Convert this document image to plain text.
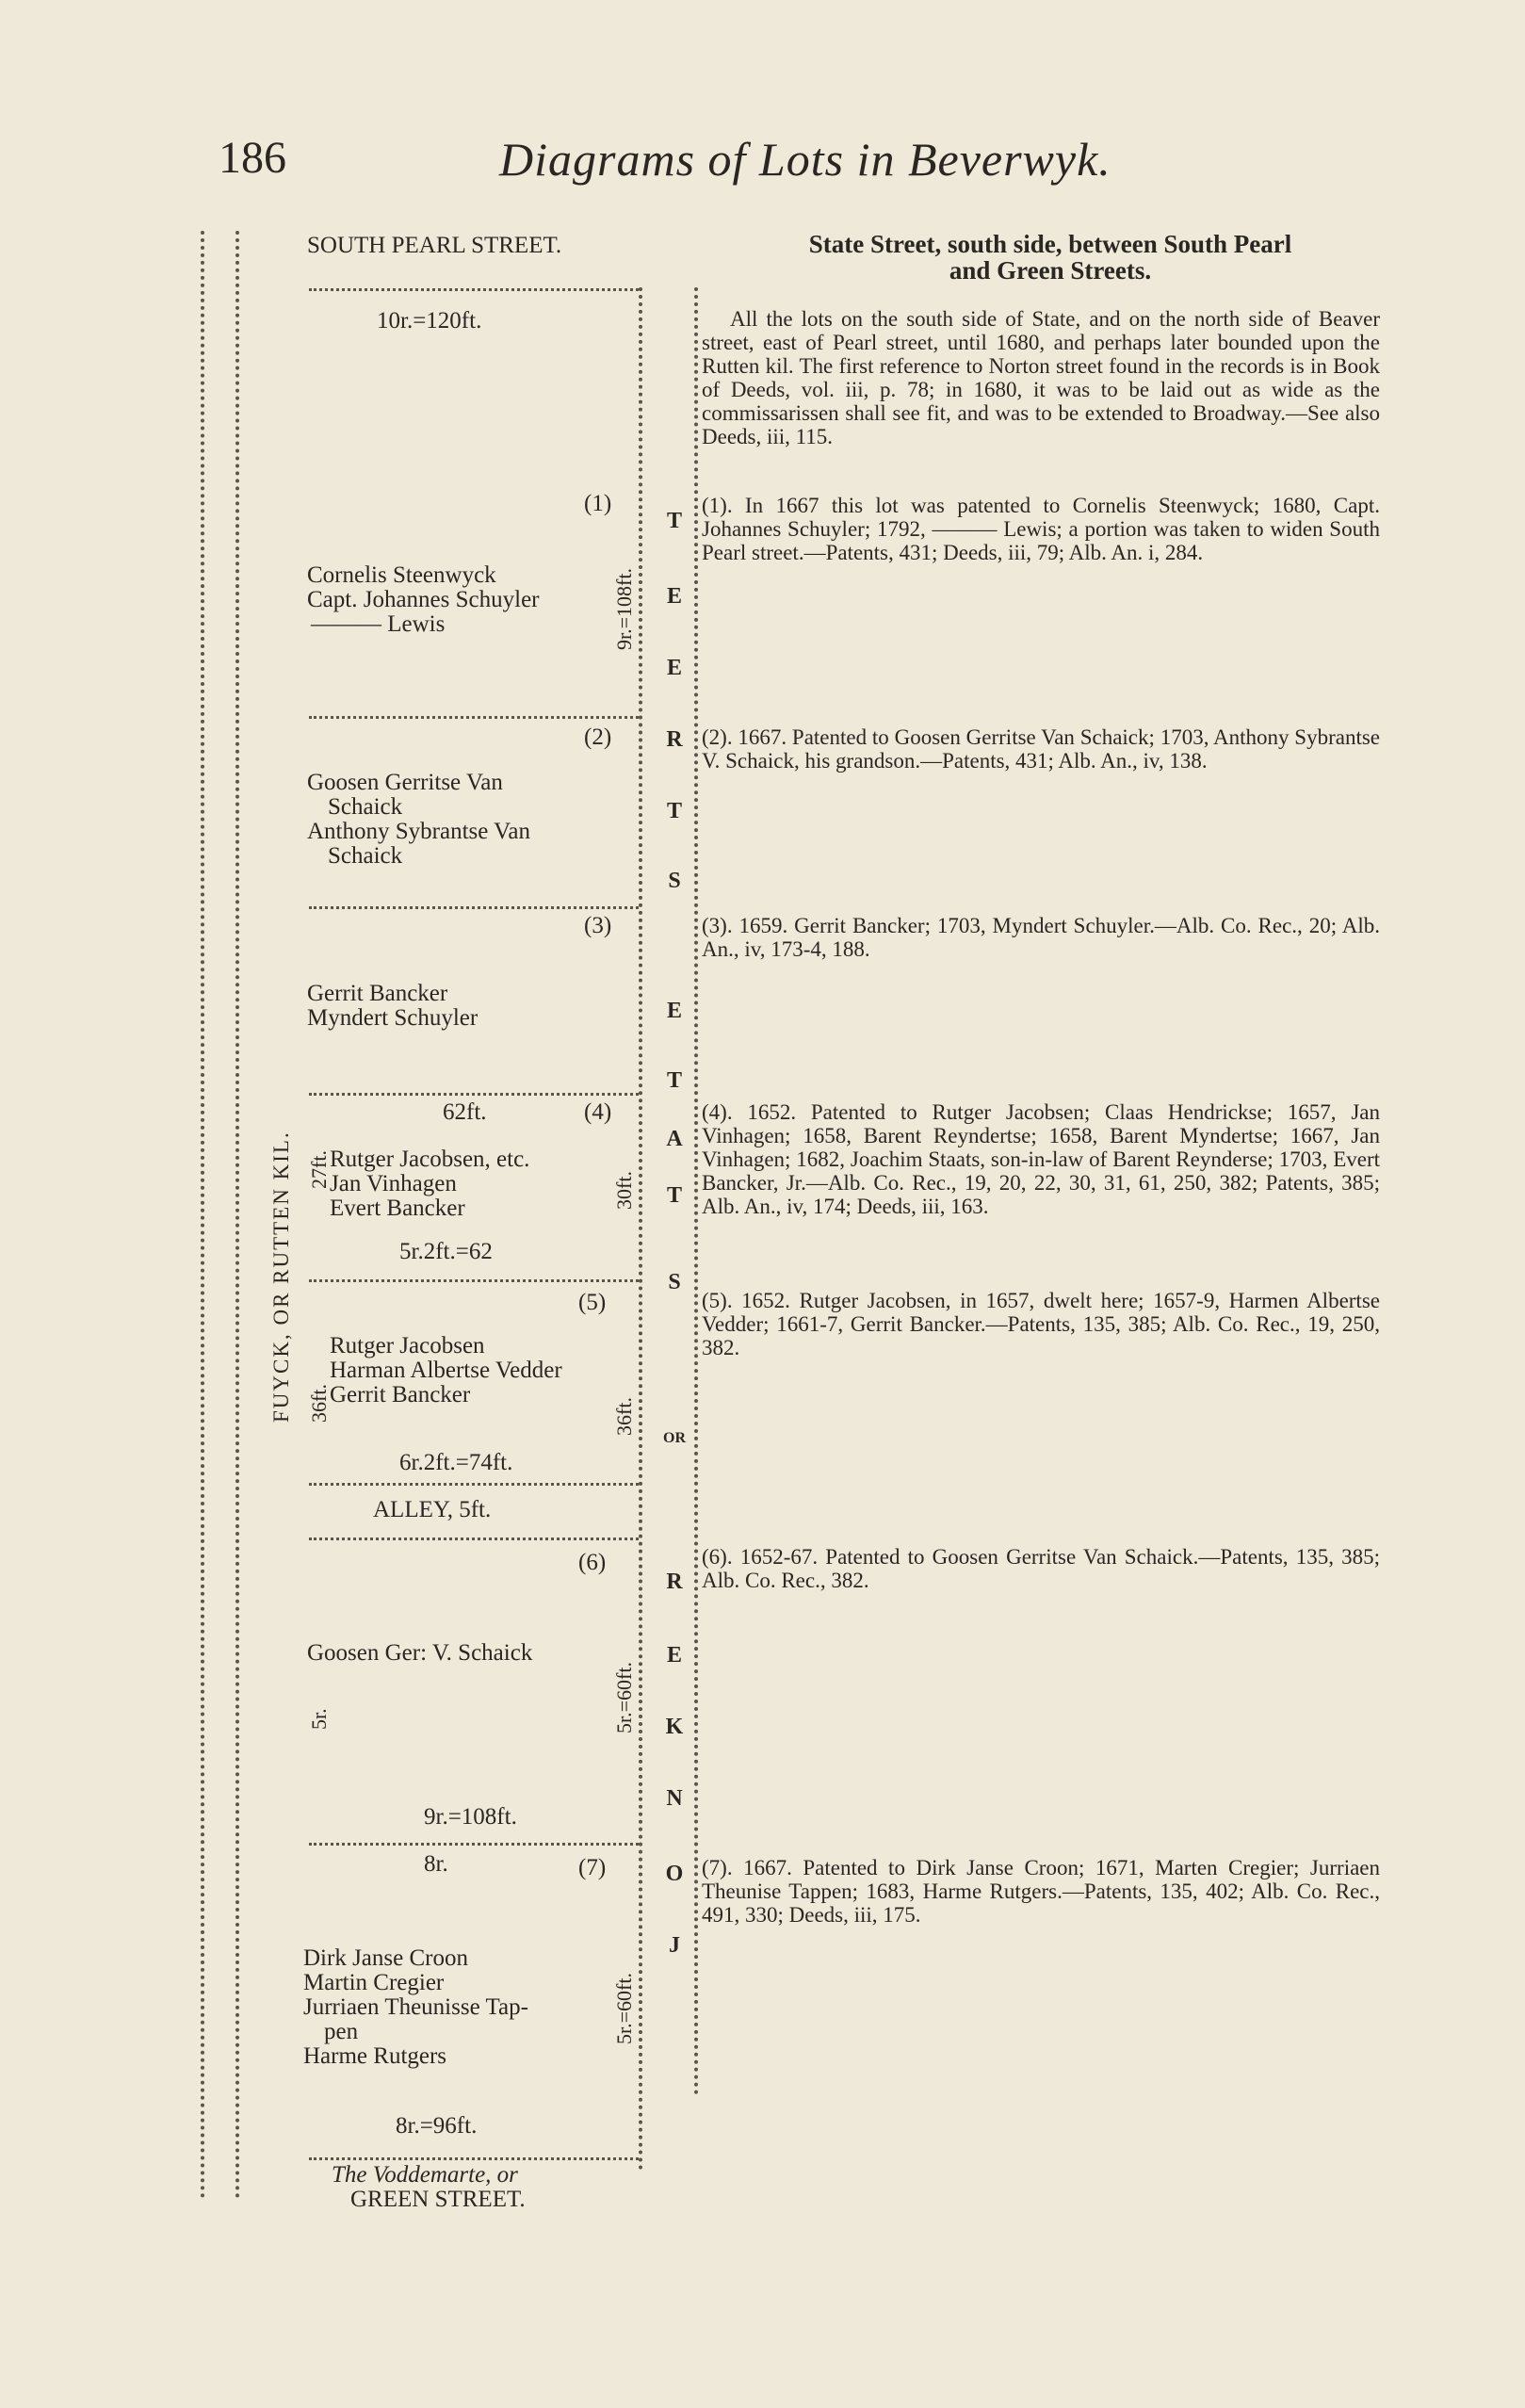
186	Diagrams of Lots in Beverwyk.
FUYCK, OR RUTTEN KIL.
SOUTH PEARL STREET.
10r.=120ft.
(1)
Cornelis Steenwyck
Capt. Johannes Schuyler
——— Lewis	9r.=108ft.
(2)
Goosen Gerritse Van
Schaick
Anthony Sybrantse Van
Schaick
(3)
Gerrit Bancker
Myndert Schuyler
62ft.	(4)
27ft. Rutger Jacobsen, etc.
Jan Vinhagen
Evert Bancker	30ft.
5r.2ft.=62
(5)
36ft.
Rutger Jacobsen
Harman Albertse Vedder
Gerrit Bancker
36ft.
6r.2ft.=74ft.
ALLEY, 5ft.
(6)
Goosen Ger: V. Schaick
5r.	5r.=60ft.
9r.=108ft.
8r.	(7)
Dirk Janse Croon
Martin Cregier
Jurriaen Theunisse Tap-
pen
Harme Rutgers
5r.=60ft.
8r.=96ft.
The Voddemarte, or
GREEN STREET.
T
E
E
R
T
S
E
T
A
T
S
OR
R
E
K
N
O
J
State Street, south side, between South Pearl
and Green Streets.
All the lots on the south side of State, and on the north side of Beaver street, east of Pearl street, until 1680, and perhaps later bounded upon the Rutten kil. The first reference to Norton street found in the records is in Book of Deeds, vol. iii, p. 78; in 1680, it was to be laid out as wide as the commissarissen shall see fit, and was to be extended to Broadway.—See also Deeds, iii, 115.
(1). In 1667 this lot was patented to Cornelis Steenwyck; 1680, Capt. Johannes Schuyler; 1792, ——— Lewis; a portion was taken to widen South Pearl street.—Patents, 431; Deeds, iii, 79; Alb. An. i, 284.
(2). 1667. Patented to Goosen Gerritse Van Schaick; 1703, Anthony Sybrantse V. Schaick, his grandson.—Patents, 431; Alb. An., iv, 138.
(3). 1659. Gerrit Bancker; 1703, Myndert Schuyler.—Alb. Co. Rec., 20; Alb. An., iv, 173-4, 188.
(4). 1652. Patented to Rutger Jacobsen; Claas Hendrickse; 1657, Jan Vinhagen; 1658, Barent Reyndertse; 1658, Barent Myndertse; 1667, Jan Vinhagen; 1682, Joachim Staats, son-in-law of Barent Reynderse; 1703, Evert Bancker, Jr.—Alb. Co. Rec., 19, 20, 22, 30, 31, 61, 250, 382; Patents, 385; Alb. An., iv, 174; Deeds, iii, 163.
(5). 1652. Rutger Jacobsen, in 1657, dwelt here; 1657-9, Harmen Albertse Vedder; 1661-7, Gerrit Bancker.—Patents, 135, 385; Alb. Co. Rec., 19, 250, 382.
(6). 1652-67. Patented to Goosen Gerritse Van Schaick.—Patents, 135, 385; Alb. Co. Rec., 382.
(7). 1667. Patented to Dirk Janse Croon; 1671, Marten Cregier; Jurriaen Theunise Tappen; 1683, Harme Rutgers.—Patents, 135, 402; Alb. Co. Rec., 491, 330; Deeds, iii, 175.
